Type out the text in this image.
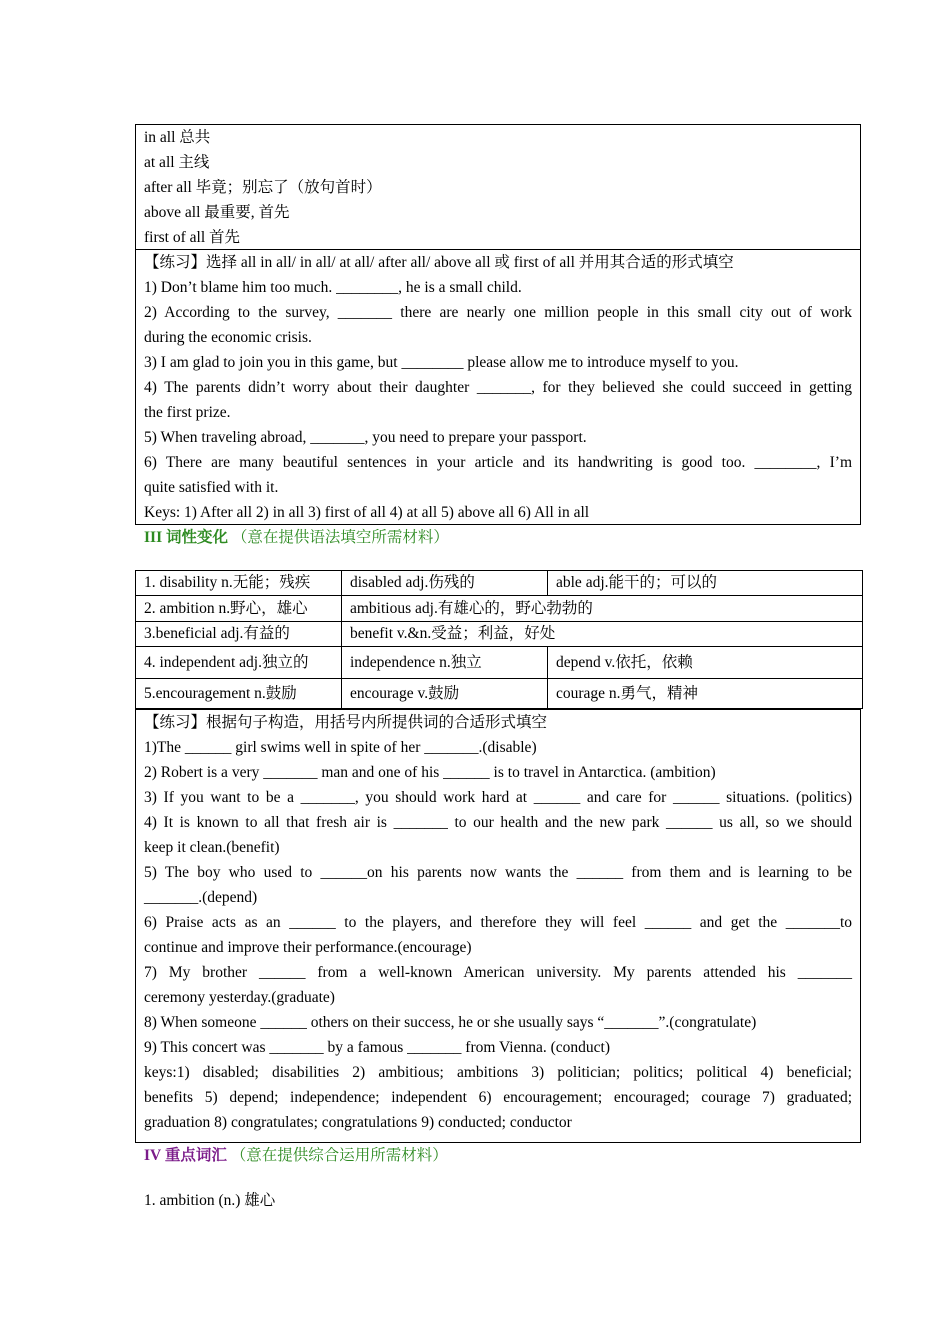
in all 总共
at all 主线
after all 毕竟；别忘了（放句首时）
above all 最重要, 首先
first of all 首先
【练习】选择 all in all/ in all/ at all/ after all/ above all 或 first of all 并用其合适的形式填空
1) Don’t blame him too much. ________, he is a small child.
2) According to the survey, _______ there are nearly one million people in this small city out of work
during the economic crisis.
3) I am glad to join you in this game, but ________ please allow me to introduce myself to you.
4) The parents didn’t worry about their daughter _______, for they believed she could succeed in getting
the first prize.
5) When traveling abroad, _______, you need to prepare your passport.
6) There are many beautiful sentences in your article and its handwriting is good too. ________, I’m
quite satisfied with it.
Keys: 1) After all 2) in all 3) first of all 4) at all 5) above all 6) All in all
III 词性变化 （意在提供语法填空所需材料）
1. disability n.无能；残疾	disabled adj.伤残的	able adj.能干的；可以的
2. ambition n.野心，雄心	ambitious adj.有雄心的，野心勃勃的	
3.beneficial adj.有益的	benefit v.&n.受益；利益，好处	
4. independent adj.独立的	independence n.独立	depend v.依托，依赖
5.encouragement n.鼓励	encourage v.鼓励	courage n.勇气，精神
【练习】根据句子构造，用括号内所提供词的合适形式填空
1)The ______ girl swims well in spite of her _______.(disable)
2) Robert is a very _______ man and one of his ______ is to travel in Antarctica. (ambition)
3) If you want to be a _______, you should work hard at ______ and care for ______ situations. (politics)
4) It is known to all that fresh air is _______ to our health and the new park ______ us all, so we should
keep it clean.(benefit)
5) The boy who used to ______on his parents now wants the ______ from them and is learning to be
_______.(depend)
6) Praise acts as an ______ to the players, and therefore they will feel ______ and get the _______to
continue and improve their performance.(encourage)
7) My brother ______ from a well-known American university. My parents attended his _______
ceremony yesterday.(graduate)
8) When someone ______ others on their success, he or she usually says “_______”.(congratulate)
9) This concert was _______ by a famous _______ from Vienna. (conduct)
keys:1) disabled; disabilities 2) ambitious; ambitions 3) politician; politics; political 4) beneficial;
benefits 5) depend; independence; independent 6) encouragement; encouraged; courage 7) graduated;
graduation 8) congratulates; congratulations 9) conducted; conductor
IV 重点词汇 （意在提供综合运用所需材料）
1. ambition (n.) 雄心
